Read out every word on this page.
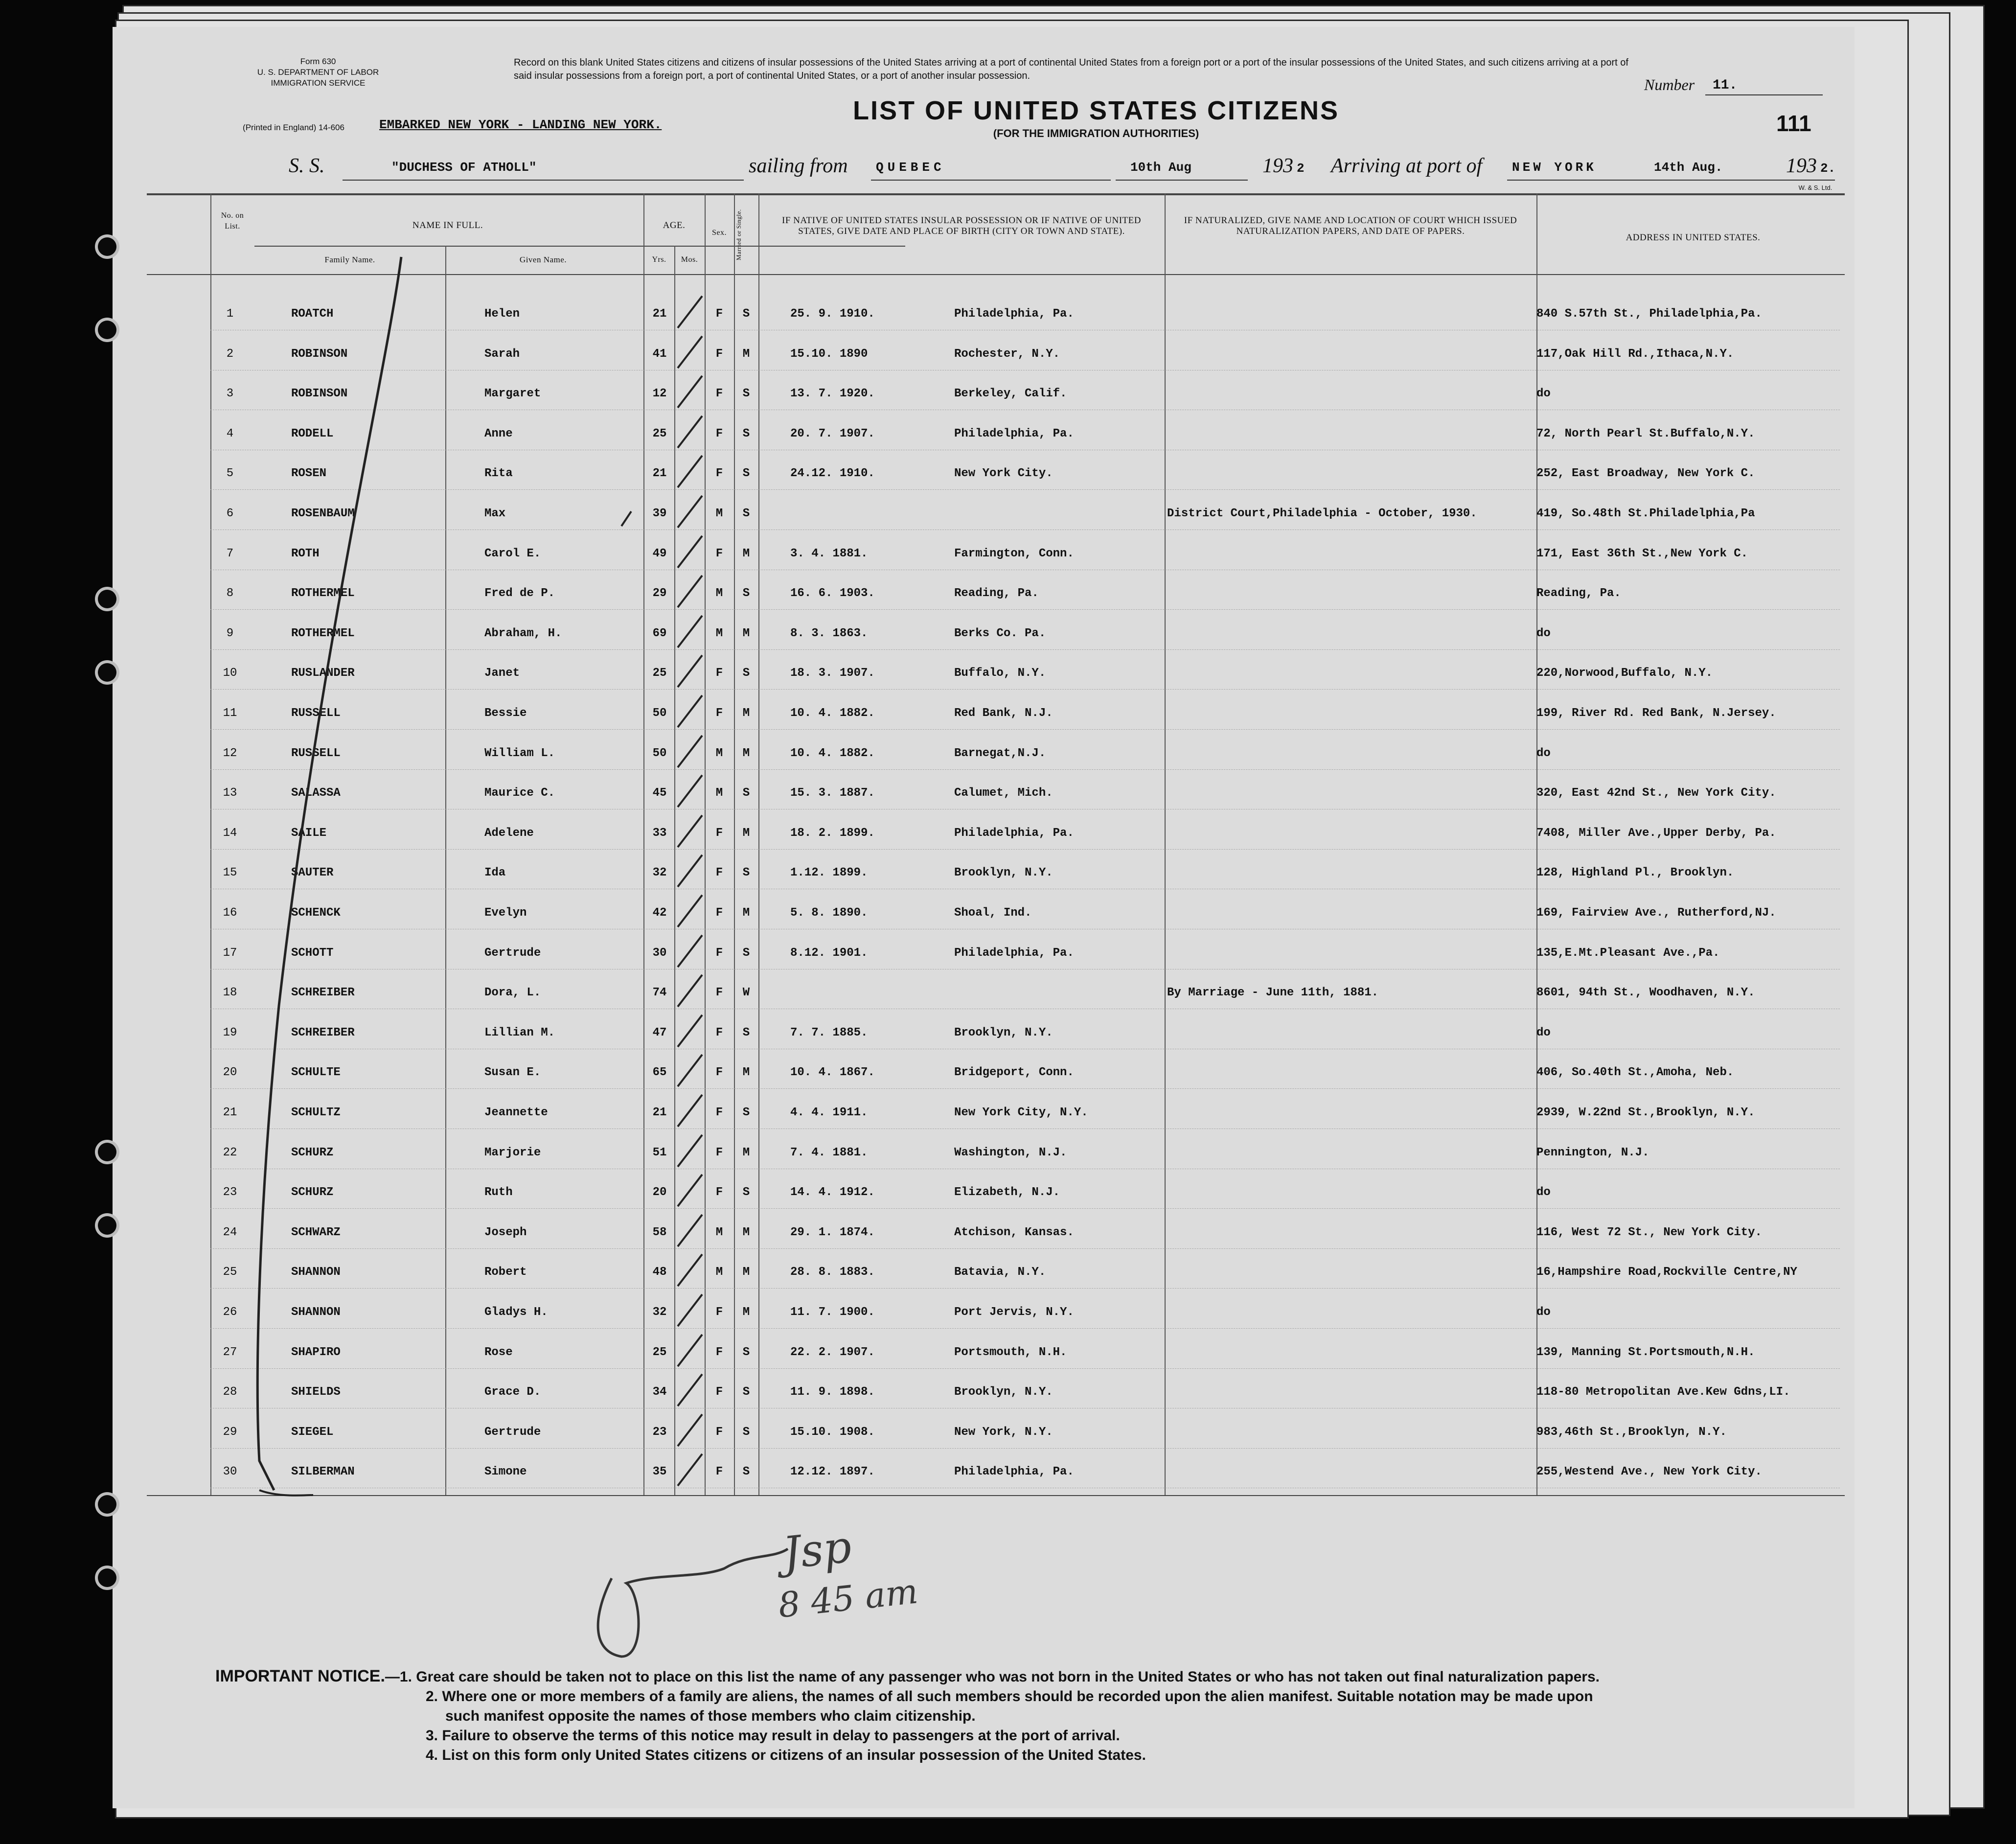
Form 630
U. S. DEPARTMENT OF LABOR
IMMIGRATION SERVICE
(Printed in England) 14-606	EMBARKED NEW YORK - LANDING NEW YORK.
Record on this blank United States citizens and citizens of insular possessions of the United States arriving at a port of continental United States from a foreign port or a port of the insular possessions of the United States, and such citizens arriving at a port of said insular possessions from a foreign port, a port of continental United States, or a port of another insular possession.
LIST OF UNITED STATES CITIZENS
(FOR THE IMMIGRATION AUTHORITIES)
Number 11.
111
S. S.	"DUCHESS OF ATHOLL"	sailing from QUEBEC	10th Aug	193 2 Arriving at port of NEW YORK	14th Aug.	193 2.
W. & S. Ltd.
No. on List.	NAME IN FULL.
Family Name.	Given Name.
AGE.
Yrs.	Mos.
Sex.	Married or Single.	IF NATIVE OF UNITED STATES INSULAR POSSESSION OR IF NATIVE OF UNITED STATES, GIVE DATE AND PLACE OF BIRTH (CITY OR TOWN AND STATE).
IF NATURALIZED, GIVE NAME AND LOCATION OF COURT WHICH ISSUED NATURALIZATION PAPERS, AND DATE OF PAPERS.
ADDRESS IN UNITED STATES.
1	ROATCH	Helen	21	F	S	25. 9. 1910.	Philadelphia, Pa.	840 S.57th St., Philadelphia,Pa.
2	ROBINSON	Sarah	41	F	M	15.10. 1890	Rochester, N.Y.	117,Oak Hill Rd.,Ithaca,N.Y.
3	ROBINSON	Margaret	12	F	S	13. 7. 1920.	Berkeley, Calif.	do
4	RODELL	Anne	25	F	S	20. 7. 1907.	Philadelphia, Pa.	72, North Pearl St.Buffalo,N.Y.
5	ROSEN	Rita	21	F	S	24.12. 1910.	New York City.	252, East Broadway, New York C.
6	ROSENBAUM	Max	39	M	S	District Court,Philadelphia - October, 1930.	419, So.48th St.Philadelphia,Pa
7	ROTH	Carol E.	49	F	M	3. 4. 1881.	Farmington, Conn.	171, East 36th St.,New York C.
8	ROTHERMEL	Fred de P.	29	M	S	16. 6. 1903.	Reading, Pa.	Reading, Pa.
9	ROTHERMEL	Abraham, H.	69	M	M	8. 3. 1863.	Berks Co. Pa.	do
10	RUSLANDER	Janet	25	F	S	18. 3. 1907.	Buffalo, N.Y.	220,Norwood,Buffalo, N.Y.
11	RUSSELL	Bessie	50	F	M	10. 4. 1882.	Red Bank, N.J.	199, River Rd. Red Bank, N.Jersey.
12	RUSSELL	William L.	50	M	M	10. 4. 1882.	Barnegat,N.J.	do
13	SALASSA	Maurice C.	45	M	S	15. 3. 1887.	Calumet, Mich.	320, East 42nd St., New York City.
14	SAILE	Adelene	33	F	M	18. 2. 1899.	Philadelphia, Pa.	7408, Miller Ave.,Upper Derby, Pa.
15	SAUTER	Ida	32	F	S	1.12. 1899.	Brooklyn, N.Y.	128, Highland Pl., Brooklyn.
16	SCHENCK	Evelyn	42	F	M	5. 8. 1890.	Shoal, Ind.	169, Fairview Ave., Rutherford,NJ.
17	SCHOTT	Gertrude	30	F	S	8.12. 1901.	Philadelphia, Pa.	135,E.Mt.Pleasant Ave.,Pa.
18	SCHREIBER	Dora, L.	74	F	W	By Marriage - June 11th, 1881.	8601, 94th St., Woodhaven, N.Y.
19	SCHREIBER	Lillian M.	47	F	S	7. 7. 1885.	Brooklyn, N.Y.	do
20	SCHULTE	Susan E.	65	F	M	10. 4. 1867.	Bridgeport, Conn.	406, So.40th St.,Amoha, Neb.
21	SCHULTZ	Jeannette	21	F	S	4. 4. 1911.	New York City, N.Y.	2939, W.22nd St.,Brooklyn, N.Y.
22	SCHURZ	Marjorie	51	F	M	7. 4. 1881.	Washington, N.J.	Pennington, N.J.
23	SCHURZ	Ruth	20	F	S	14. 4. 1912.	Elizabeth, N.J.	do
24	SCHWARZ	Joseph	58	M	M	29. 1. 1874.	Atchison, Kansas.	116, West 72 St., New York City.
25	SHANNON	Robert	48	M	M	28. 8. 1883.	Batavia, N.Y.	16,Hampshire Road,Rockville Centre,NY
26	SHANNON	Gladys H.	32	F	M	11. 7. 1900.	Port Jervis, N.Y.	do
27	SHAPIRO	Rose	25	F	S	22. 2. 1907.	Portsmouth, N.H.	139, Manning St.Portsmouth,N.H.
28	SHIELDS	Grace D.	34	F	S	11. 9. 1898.	Brooklyn, N.Y.	118-80 Metropolitan Ave.Kew Gdns,LI.
29	SIEGEL	Gertrude	23	F	S	15.10. 1908.	New York, N.Y.	983,46th St.,Brooklyn, N.Y.
30	SILBERMAN	Simone	35	F	S	12.12. 1897.	Philadelphia, Pa.	255,Westend Ave., New York City.
Jsp
8 45 am

IMPORTANT NOTICE.—1. Great care should be taken not to place on this list the name of any passenger who was not born in the United States or who has not taken out final naturalization papers.

2. Where one or more members of a family are aliens, the names of all such members should be recorded upon the alien manifest. Suitable notation may be made upon

such manifest opposite the names of those members who claim citizenship.

3. Failure to observe the terms of this notice may result in delay to passengers at the port of arrival.

4. List on this form only United States citizens or citizens of an insular possession of the United States.
